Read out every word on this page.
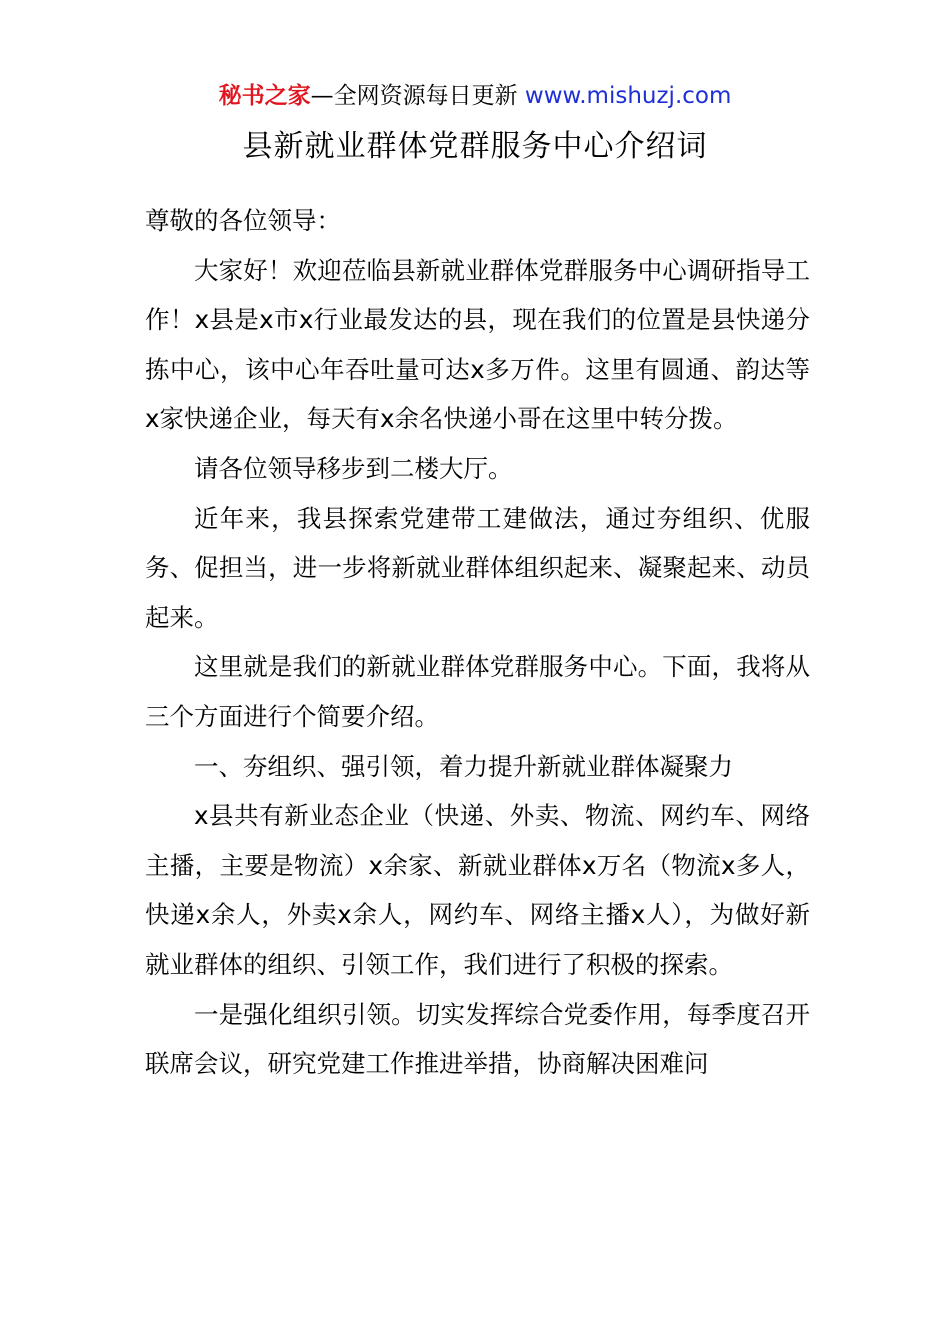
秘书之家—全网资源每日更新 www.mishuzj.com
县新就业群体党群服务中心介绍词

尊敬的各位领导：

大家好！欢迎莅临县新就业群体党群服务中心调研指导工作！x县是x市x行业最发达的县，现在我们的位置是县快递分拣中心，该中心年吞吐量可达x多万件。这里有圆通、韵达等x家快递企业，每天有x余名快递小哥在这里中转分拨。

请各位领导移步到二楼大厅。

近年来，我县探索党建带工建做法，通过夯组织、优服务、促担当，进一步将新就业群体组织起来、凝聚起来、动员起来。

这里就是我们的新就业群体党群服务中心。下面，我将从三个方面进行个简要介绍。

一、夯组织、强引领，着力提升新就业群体凝聚力

x县共有新业态企业（快递、外卖、物流、网约车、网络主播，主要是物流）x余家、新就业群体x万名（物流x多人，快递x余人，外卖x余人，网约车、网络主播x人），为做好新就业群体的组织、引领工作，我们进行了积极的探索。

一是强化组织引领。切实发挥综合党委作用，每季度召开联席会议，研究党建工作推进举措，协商解决困难问
